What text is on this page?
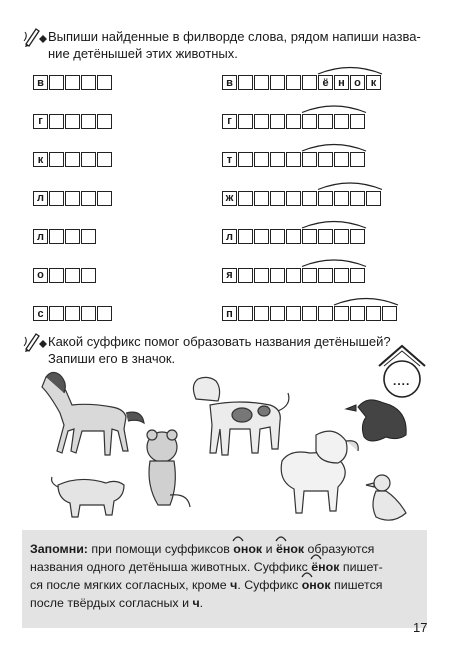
Выпиши найденные в филворде слова, рядом напиши назва-
ние детёнышей этих животных.
в
г
к
л
л
о
с
в	ё н о к
г
т
ж
л
я
п
Какой суффикс помог образовать названия детёнышей?
Запиши его в значок.
....
Запомни: при помощи суффиксов
онок и
ёнок образуются
названия одного детёныша животных. Суффикс
ёнок пишет-
ся после мягких согласных, кроме ч. Суффикс
онок пишется
после твёрдых согласных и ч.
17
